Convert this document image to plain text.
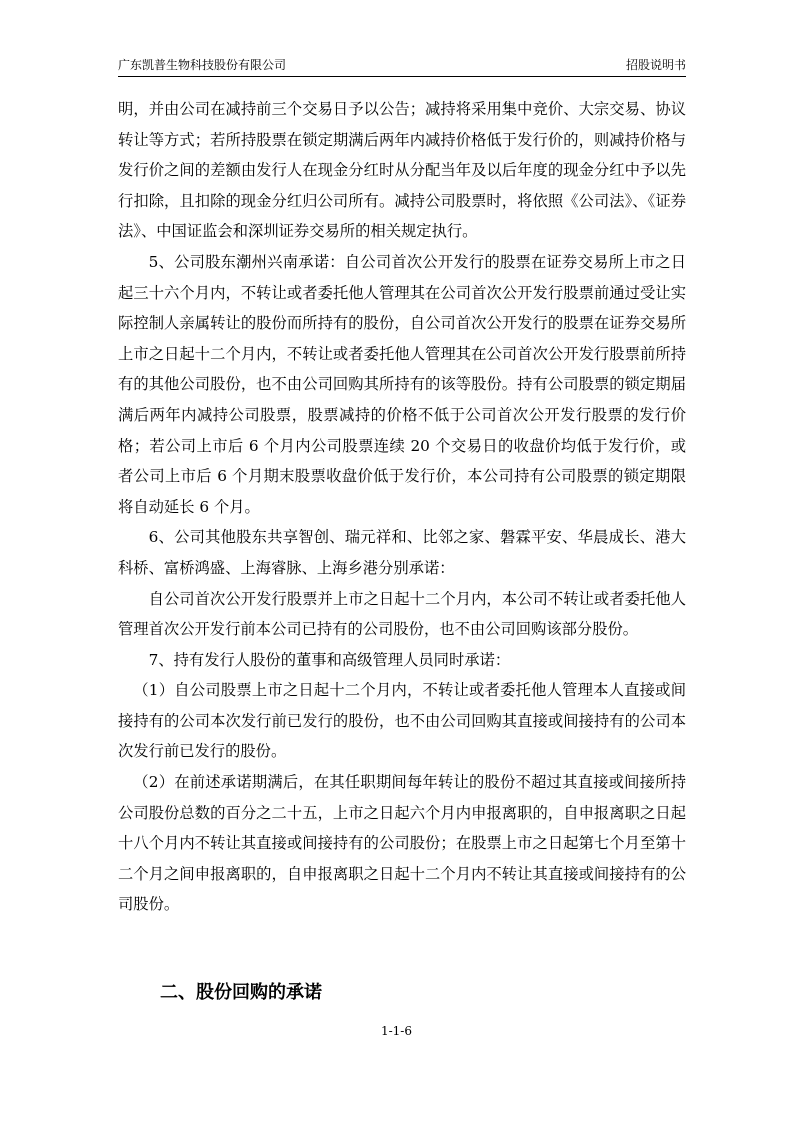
广东凯普生物科技股份有限公司	招股说明书

明，并由公司在减持前三个交易日予以公告；减持将采用集中竞价、大宗交易、协议转让等方式；若所持股票在锁定期满后两年内减持价格低于发行价的，则减持价格与发行价之间的差额由发行人在现金分红时从分配当年及以后年度的现金分红中予以先行扣除，且扣除的现金分红归公司所有。减持公司股票时，将依照《公司法》、《证券法》、中国证监会和深圳证券交易所的相关规定执行。

5、公司股东潮州兴南承诺：自公司首次公开发行的股票在证券交易所上市之日起三十六个月内，不转让或者委托他人管理其在公司首次公开发行股票前通过受让实际控制人亲属转让的股份而所持有的股份，自公司首次公开发行的股票在证券交易所上市之日起十二个月内，不转让或者委托他人管理其在公司首次公开发行股票前所持有的其他公司股份，也不由公司回购其所持有的该等股份。持有公司股票的锁定期届满后两年内减持公司股票，股票减持的价格不低于公司首次公开发行股票的发行价格；若公司上市后 6 个月内公司股票连续 20 个交易日的收盘价均低于发行价，或者公司上市后 6 个月期末股票收盘价低于发行价，本公司持有公司股票的锁定期限将自动延长 6 个月。

6、公司其他股东共享智创、瑞元祥和、比邻之家、磐霖平安、华晨成长、港大科桥、富桥鸿盛、上海睿脉、上海乡港分别承诺：

自公司首次公开发行股票并上市之日起十二个月内，本公司不转让或者委托他人管理首次公开发行前本公司已持有的公司股份，也不由公司回购该部分股份。

7、持有发行人股份的董事和高级管理人员同时承诺：

（1）自公司股票上市之日起十二个月内，不转让或者委托他人管理本人直接或间接持有的公司本次发行前已发行的股份，也不由公司回购其直接或间接持有的公司本次发行前已发行的股份。

（2）在前述承诺期满后，在其任职期间每年转让的股份不超过其直接或间接所持公司股份总数的百分之二十五，上市之日起六个月内申报离职的，自申报离职之日起十八个月内不转让其直接或间接持有的公司股份；在股票上市之日起第七个月至第十二个月之间申报离职的，自申报离职之日起十二个月内不转让其直接或间接持有的公司股份。

二、股份回购的承诺
1-1-6
